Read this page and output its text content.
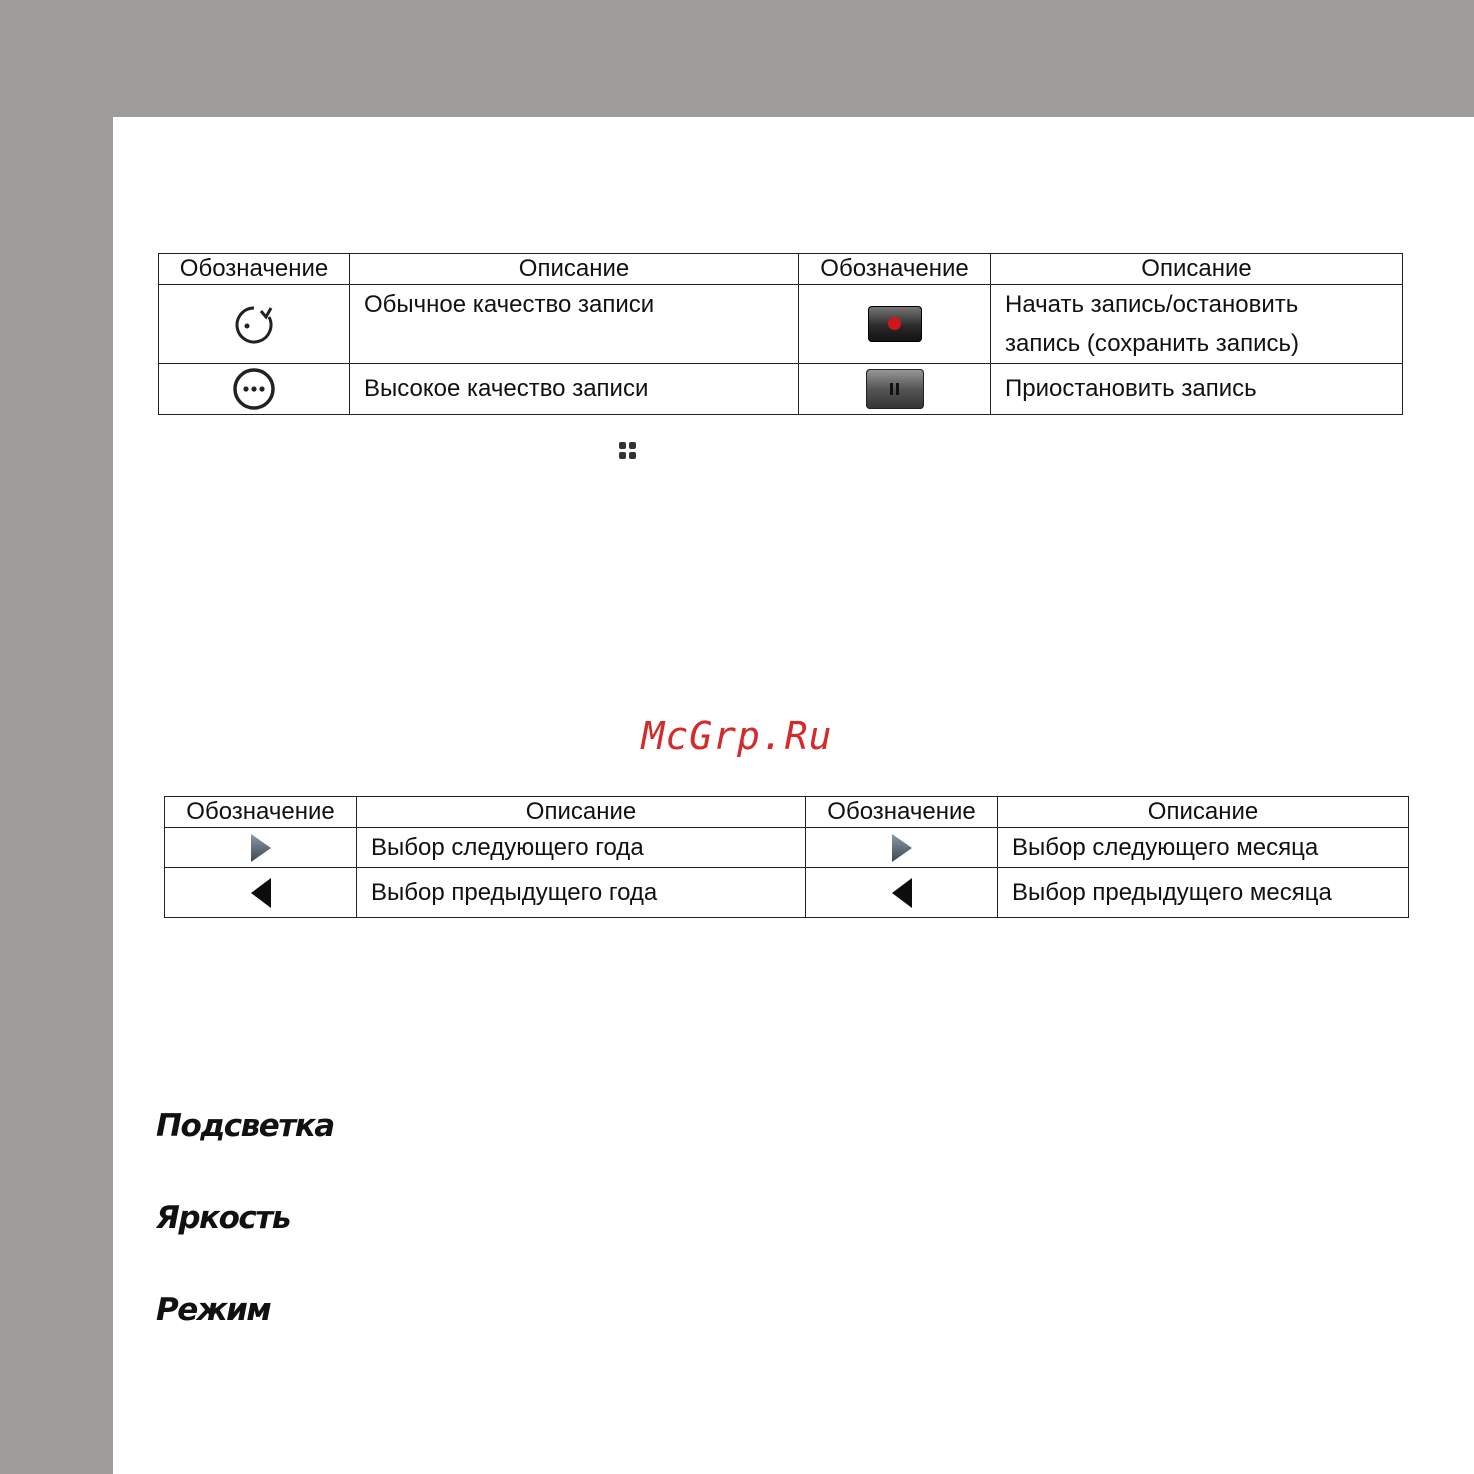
Обозначение	Описание	Обозначение	Описание
	Обычное качество записи		Начать запись/остановить
запись (сохранить запись)

	Высокое качество записи		Приостановить запись
McGrp.Ru
Обозначение	Описание	Обозначение	Описание
	Выбор следующего года		Выбор следующего месяца
	Выбор предыдущего года		Выбор предыдущего месяца
Подсветка
Яркость
Режим
